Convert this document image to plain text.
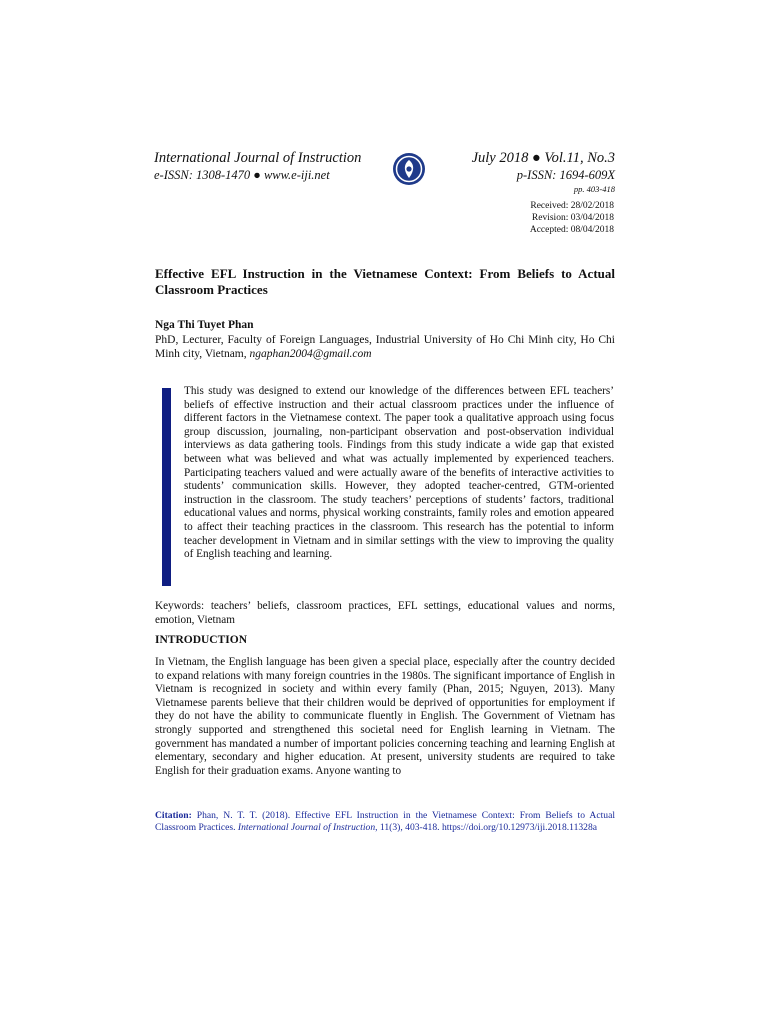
International Journal of Instruction
e-ISSN: 1308-1470 ● www.e-iji.net
July 2018 ● Vol.11, No.3
p-ISSN: 1694-609X
pp. 403-418
Received: 28/02/2018
Revision: 03/04/2018
Accepted: 08/04/2018
Effective EFL Instruction in the Vietnamese Context: From Beliefs to Actual Classroom Practices
Nga Thi Tuyet Phan
PhD, Lecturer, Faculty of Foreign Languages, Industrial University of Ho Chi Minh city, Ho Chi Minh city, Vietnam, ngaphan2004@gmail.com
This study was designed to extend our knowledge of the differences between EFL teachers’ beliefs of effective instruction and their actual classroom practices under the influence of different factors in the Vietnamese context. The paper took a qualitative approach using focus group discussion, journaling, non-participant observation and post-observation individual interviews as data gathering tools. Findings from this study indicate a wide gap that existed between what was believed and what was actually implemented by experienced teachers. Participating teachers valued and were actually aware of the benefits of interactive activities to students’ communication skills. However, they adopted teacher-centred, GTM-oriented instruction in the classroom. The study teachers’ perceptions of students’ factors, traditional educational values and norms, physical working constraints, family roles and emotion appeared to affect their teaching practices in the classroom. This research has the potential to inform teacher development in Vietnam and in similar settings with the view to improving the quality of English teaching and learning.
Keywords: teachers’ beliefs, classroom practices, EFL settings, educational values and norms, emotion, Vietnam
INTRODUCTION
In Vietnam, the English language has been given a special place, especially after the country decided to expand relations with many foreign countries in the 1980s. The significant importance of English in Vietnam is recognized in society and within every family (Phan, 2015; Nguyen, 2013). Many Vietnamese parents believe that their children would be deprived of opportunities for employment if they do not have the ability to communicate fluently in English. The Government of Vietnam has strongly supported and strengthened this societal need for English learning in Vietnam. The government has mandated a number of important policies concerning teaching and learning English at elementary, secondary and higher education. At present, university students are required to take English for their graduation exams. Anyone wanting to
Citation: Phan, N. T. T. (2018). Effective EFL Instruction in the Vietnamese Context: From Beliefs to Actual Classroom Practices. International Journal of Instruction, 11(3), 403-418. https://doi.org/10.12973/iji.2018.11328a
